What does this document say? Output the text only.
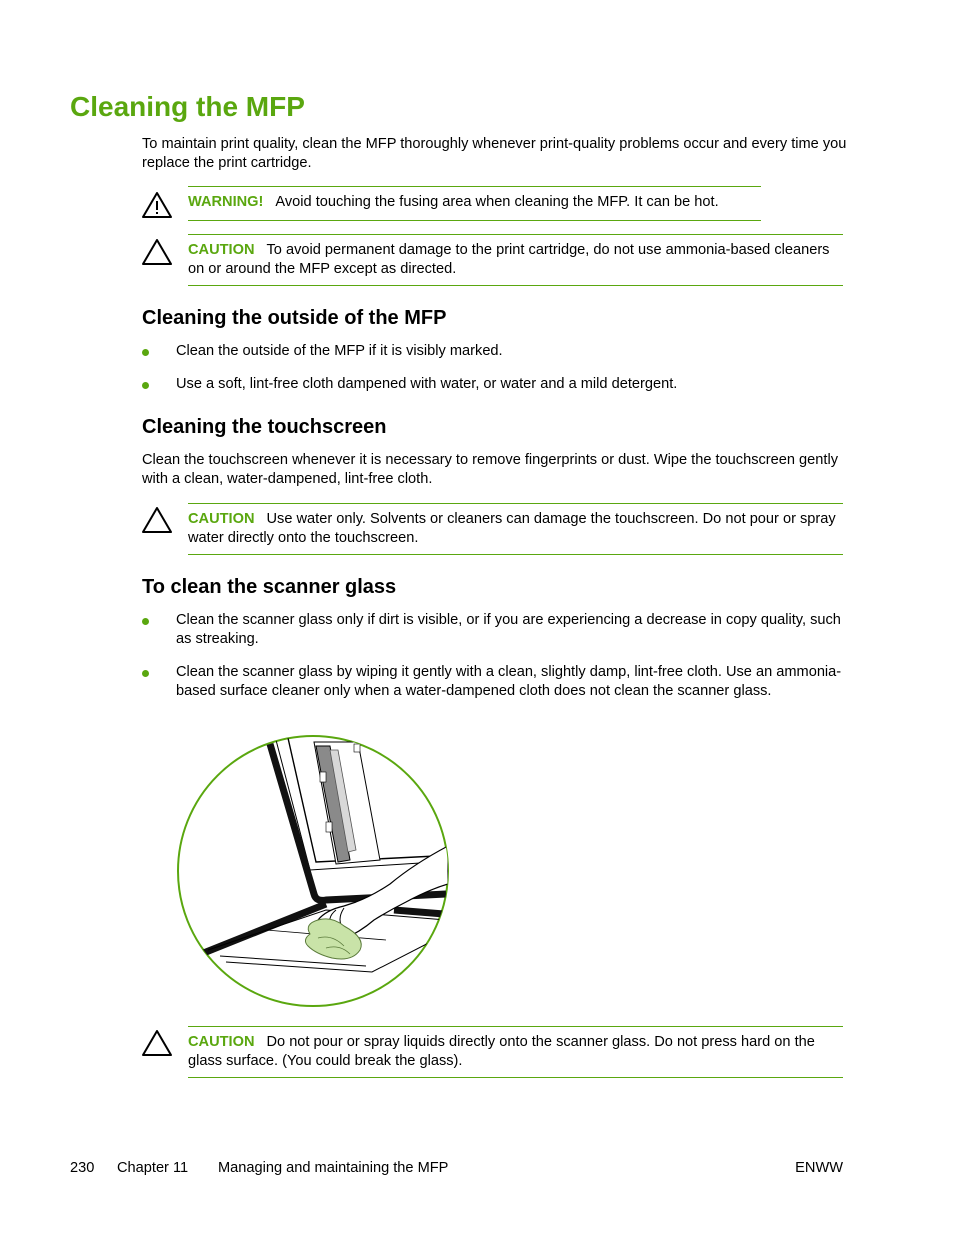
Cleaning the MFP

To maintain print quality, clean the MFP thoroughly whenever print-quality problems occur and every time you replace the print cartridge.

WARNING! Avoid touching the fusing area when cleaning the MFP. It can be hot.
CAUTION To avoid permanent damage to the print cartridge, do not use ammonia-based cleaners on or around the MFP except as directed.
Cleaning the outside of the MFP

Clean the outside of the MFP if it is visibly marked.

Use a soft, lint-free cloth dampened with water, or water and a mild detergent.

Cleaning the touchscreen

Clean the touchscreen whenever it is necessary to remove fingerprints or dust. Wipe the touchscreen gently with a clean, water-dampened, lint-free cloth.

CAUTION Use water only. Solvents or cleaners can damage the touchscreen. Do not pour or spray water directly onto the touchscreen.
To clean the scanner glass

Clean the scanner glass only if dirt is visible, or if you are experiencing a decrease in copy quality, such as streaking.

Clean the scanner glass by wiping it gently with a clean, slightly damp, lint-free cloth. Use an ammonia-based surface cleaner only when a water-dampened cloth does not clean the scanner glass.

CAUTION Do not pour or spray liquids directly onto the scanner glass. Do not press hard on the glass surface. (You could break the glass).
230 Chapter 11 Managing and maintaining the MFP	ENWW
